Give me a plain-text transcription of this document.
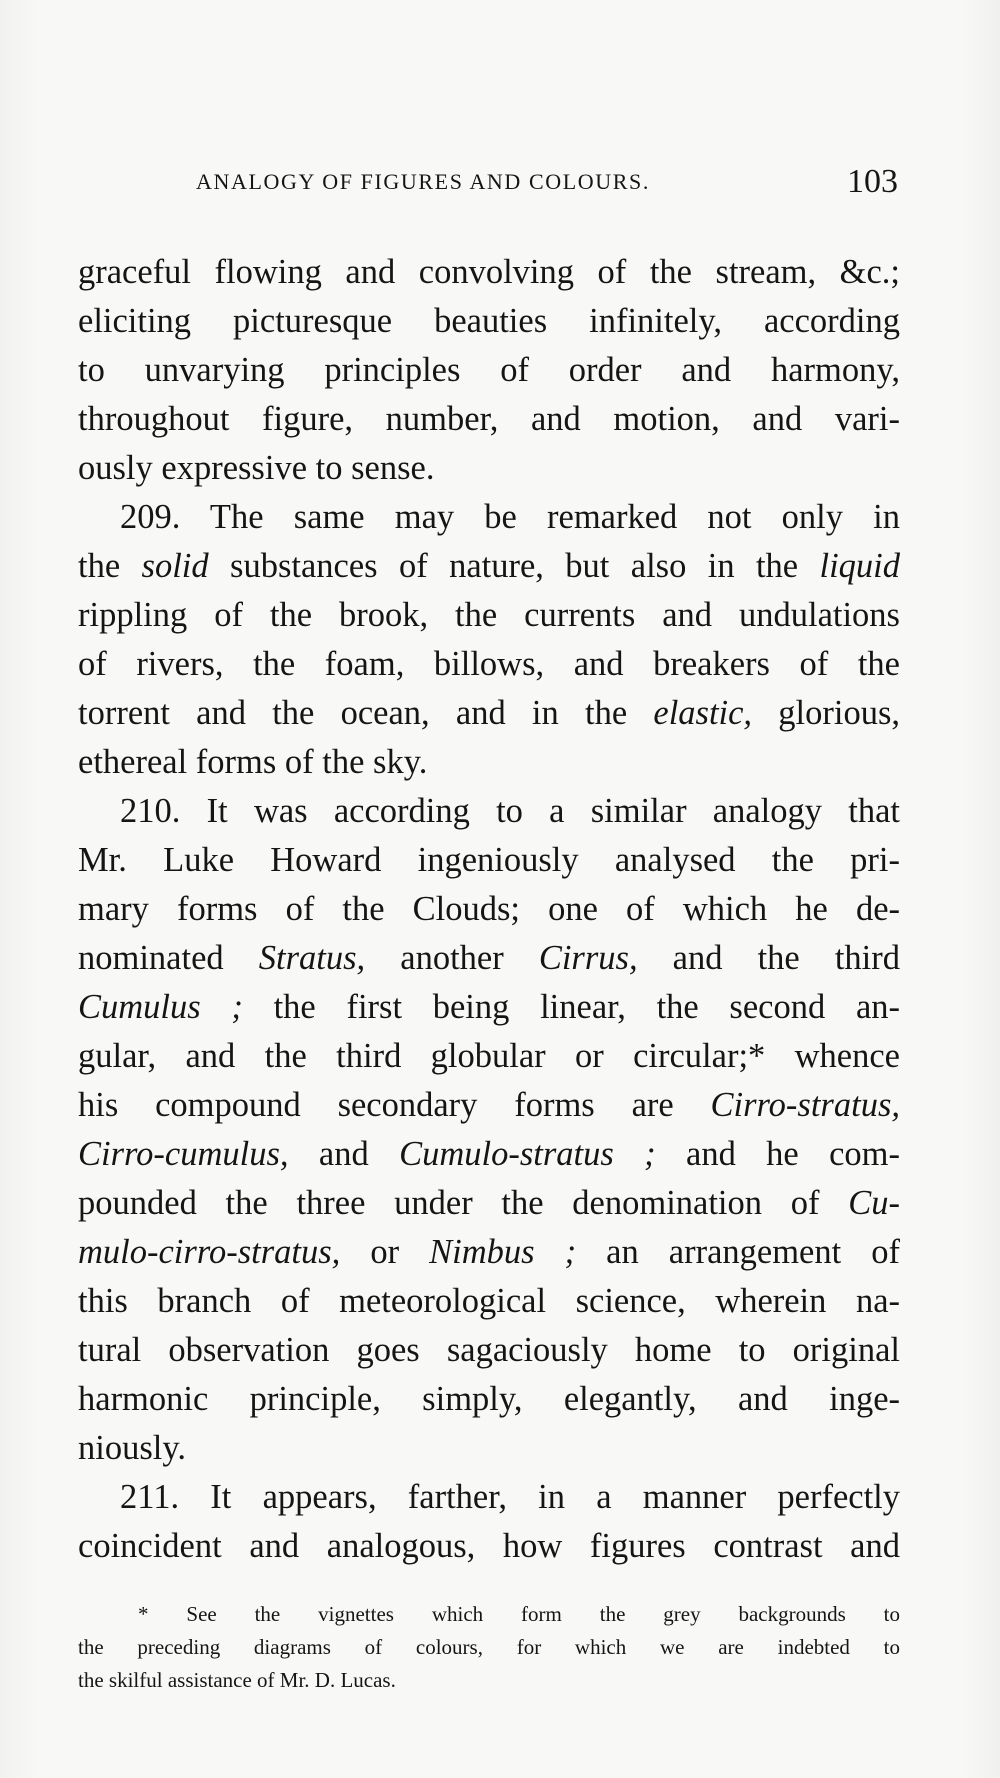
ANALOGY OF FIGURES AND COLOURS.	103
graceful flowing and convolving of the stream, &c.;
eliciting picturesque beauties infinitely, according
to unvarying principles of order and harmony,
throughout figure, number, and motion, and vari-
ously expressive to sense.
209. The same may be remarked not only in
the solid substances of nature, but also in the liquid
rippling of the brook, the currents and undulations
of rivers, the foam, billows, and breakers of the
torrent and the ocean, and in the elastic, glorious,
ethereal forms of the sky.
210. It was according to a similar analogy that
Mr. Luke Howard ingeniously analysed the pri-
mary forms of the Clouds; one of which he de-
nominated Stratus, another Cirrus, and the third
Cumulus ; the first being linear, the second an-
gular, and the third globular or circular;* whence
his compound secondary forms are Cirro-stratus,
Cirro-cumulus, and Cumulo-stratus ; and he com-
pounded the three under the denomination of Cu-
mulo-cirro-stratus, or Nimbus ; an arrangement of
this branch of meteorological science, wherein na-
tural observation goes sagaciously home to original
harmonic principle, simply, elegantly, and inge-
niously.
211. It appears, farther, in a manner perfectly
coincident and analogous, how figures contrast and
* See the vignettes which form the grey backgrounds to
the preceding diagrams of colours, for which we are indebted to
the skilful assistance of Mr. D. Lucas.
